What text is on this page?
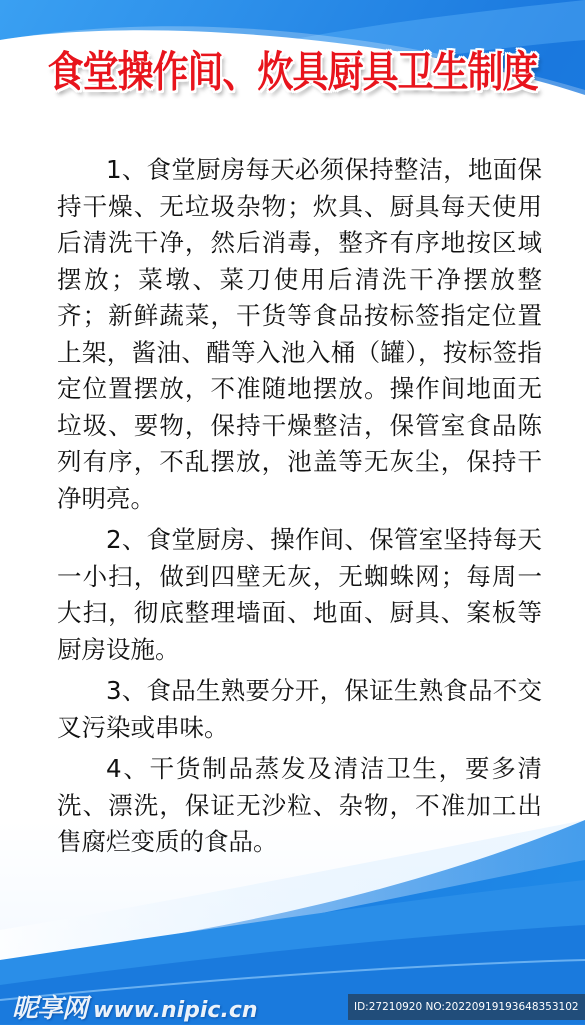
食堂操作间、炊具厨具卫生制度

1、食堂厨房每天必须保持整洁，地面保持干燥、无垃圾杂物；炊具、厨具每天使用后清洗干净，然后消毒，整齐有序地按区域摆放；菜墩、菜刀使用后清洗干净摆放整齐；新鲜蔬菜，干货等食品按标签指定位置上架，酱油、醋等入池入桶（罐），按标签指定位置摆放，不准随地摆放。操作间地面无垃圾、要物，保持干燥整洁，保管室食品陈列有序，不乱摆放，池盖等无灰尘，保持干净明亮。

2、食堂厨房、操作间、保管室坚持每天一小扫，做到四壁无灰，无蜘蛛网；每周一大扫，彻底整理墙面、地面、厨具、案板等厨房设施。

3、食品生熟要分开，保证生熟食品不交叉污染或串味。

4、干货制品蒸发及清洁卫生，要多清洗、漂洗，保证无沙粒、杂物，不准加工出售腐烂变质的食品。

昵享网 www.nipic.cn	ID:27210920 NO:20220919193648353102
